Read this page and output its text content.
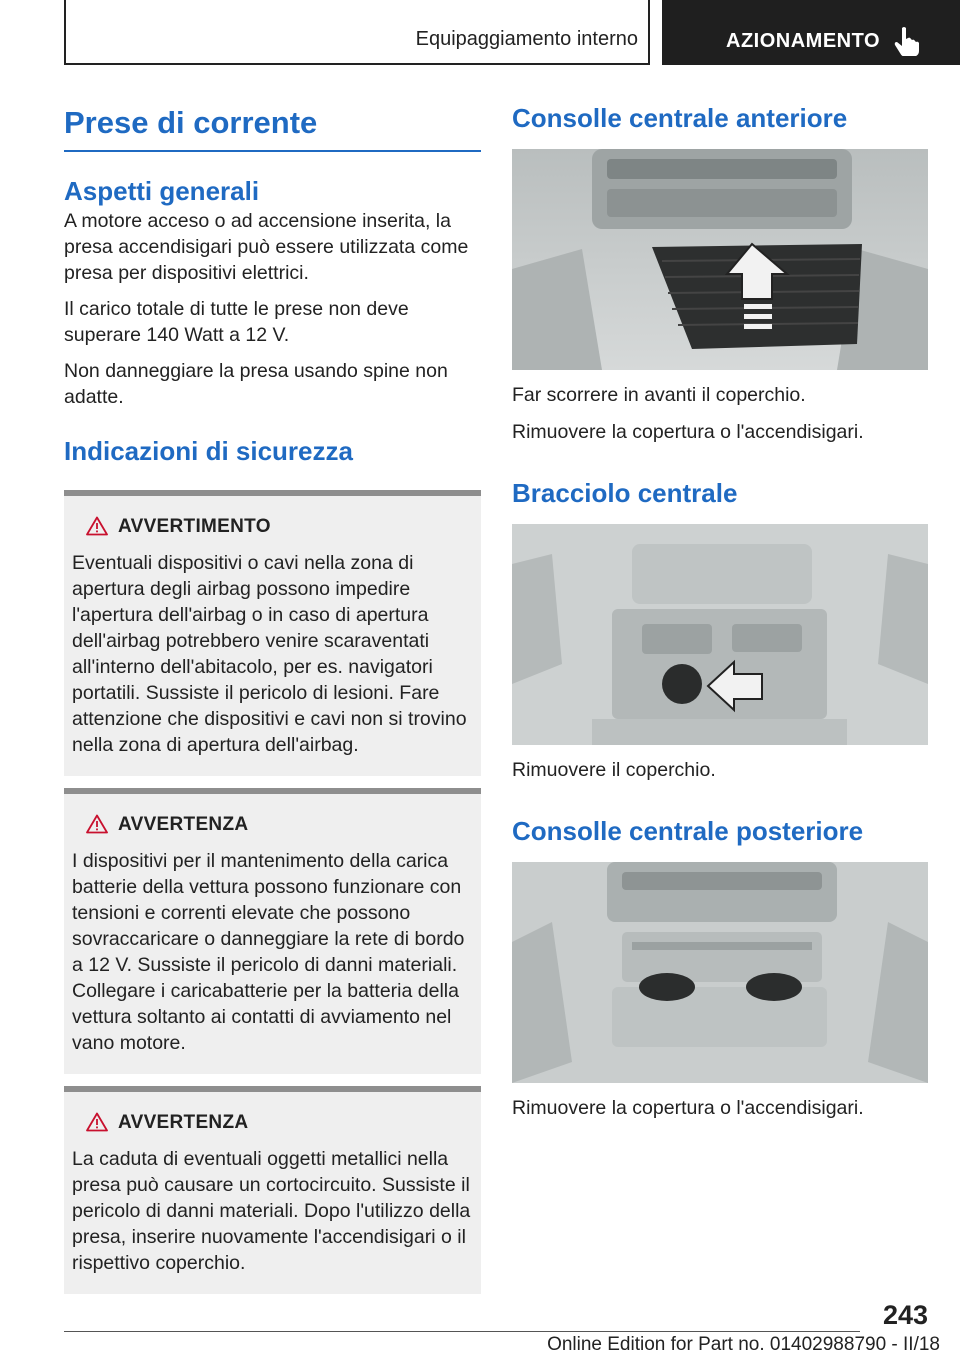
Equipaggiamento interno	AZIONAMENTO
Prese di corrente
Aspetti generali

A motore acceso o ad accensione inserita, la presa accendisigari può essere utilizzata come presa per dispositivi elettrici.

Il carico totale di tutte le prese non deve superare 140 Watt a 12 V.

Non danneggiare la presa usando spine non adatte.

Indicazioni di sicurezza
AVVERTIMENTO

Eventuali dispositivi o cavi nella zona di apertura degli airbag possono impedire l'apertura dell'airbag o in caso di apertura dell'airbag potrebbero venire scaraventati all'interno dell'abitacolo, per es. navigatori portatili. Sussiste il pericolo di lesioni. Fare attenzione che dispositivi e cavi non si trovino nella zona di apertura dell'airbag.

AVVERTENZA

I dispositivi per il mantenimento della carica batterie della vettura possono funzionare con tensioni e correnti elevate che possono sovraccaricare o danneggiare la rete di bordo a 12 V. Sussiste il pericolo di danni materiali. Collegare i caricabatterie per la batteria della vettura soltanto ai contatti di avviamento nel vano motore.

AVVERTENZA

La caduta di eventuali oggetti metallici nella presa può causare un cortocircuito. Sussiste il pericolo di danni materiali. Dopo l'utilizzo della presa, inserire nuovamente l'accendisigari o il rispettivo coperchio.

Consolle centrale anteriore

Far scorrere in avanti il coperchio.

Rimuovere la copertura o l'accendisigari.

Bracciolo centrale

Rimuovere il coperchio.

Consolle centrale posteriore

Rimuovere la copertura o l'accendisigari.

243
Online Edition for Part no. 01402988790 - II/18
